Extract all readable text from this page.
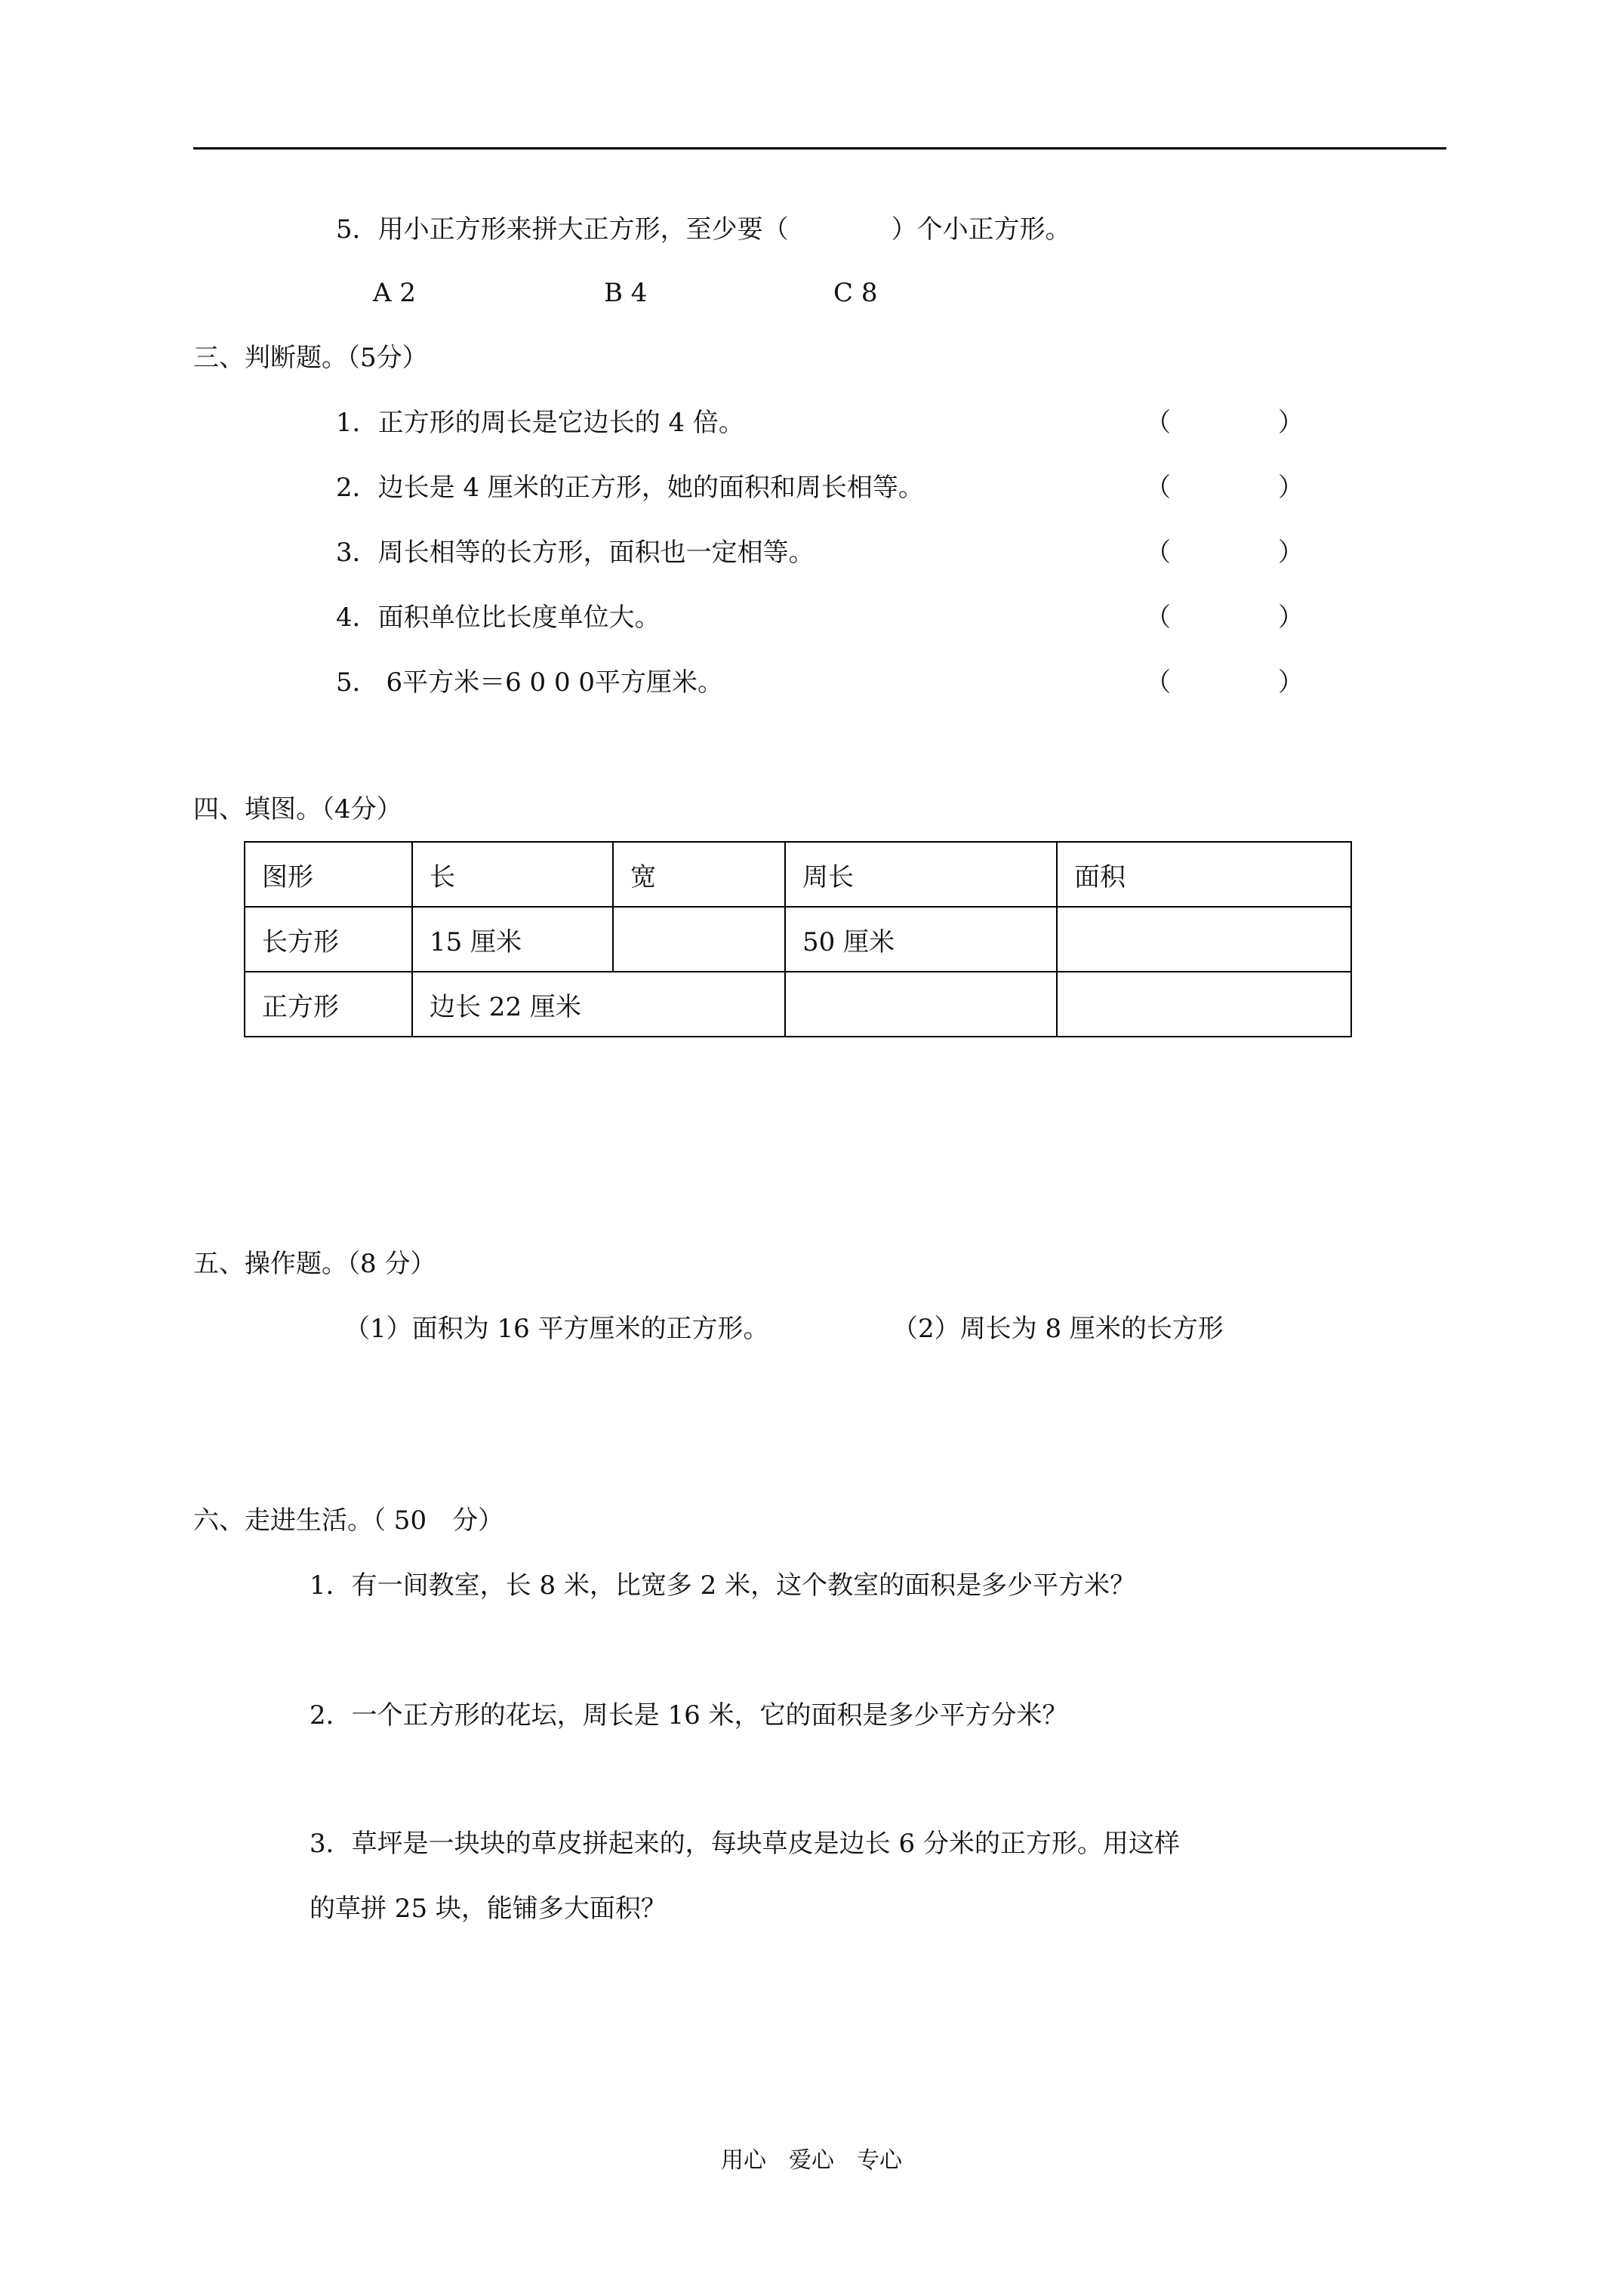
5．用小正方形来拼大正方形，至少要（　　　　）个小正方形。
A 2	B 4	C 8
三、判断题。（5分）
1．正方形的周长是它边长的 4 倍。	（	）
2．边长是 4 厘米的正方形，她的面积和周长相等。	（	）
3．周长相等的长方形，面积也一定相等。	（	）
4．面积单位比长度单位大。	（	）
5． 6平方米＝6 0 0 0平方厘米。	（	）
四、填图。（4分）
图形	长	宽	周长	面积
长方形	15 厘米		50 厘米	
正方形	边长 22 厘米			
五、操作题。（8 分）
（1）面积为 16 平方厘米的正方形。	（2）周长为 8 厘米的长方形
六、走进生活。（ 50　分）
1．有一间教室，长 8 米，比宽多 2 米，这个教室的面积是多少平方米？
2．一个正方形的花坛，周长是 16 米，它的面积是多少平方分米？
3．草坪是一块块的草皮拼起来的，每块草皮是边长 6 分米的正方形。用这样
的草拼 25 块，能铺多大面积？
用心　爱心　专心
